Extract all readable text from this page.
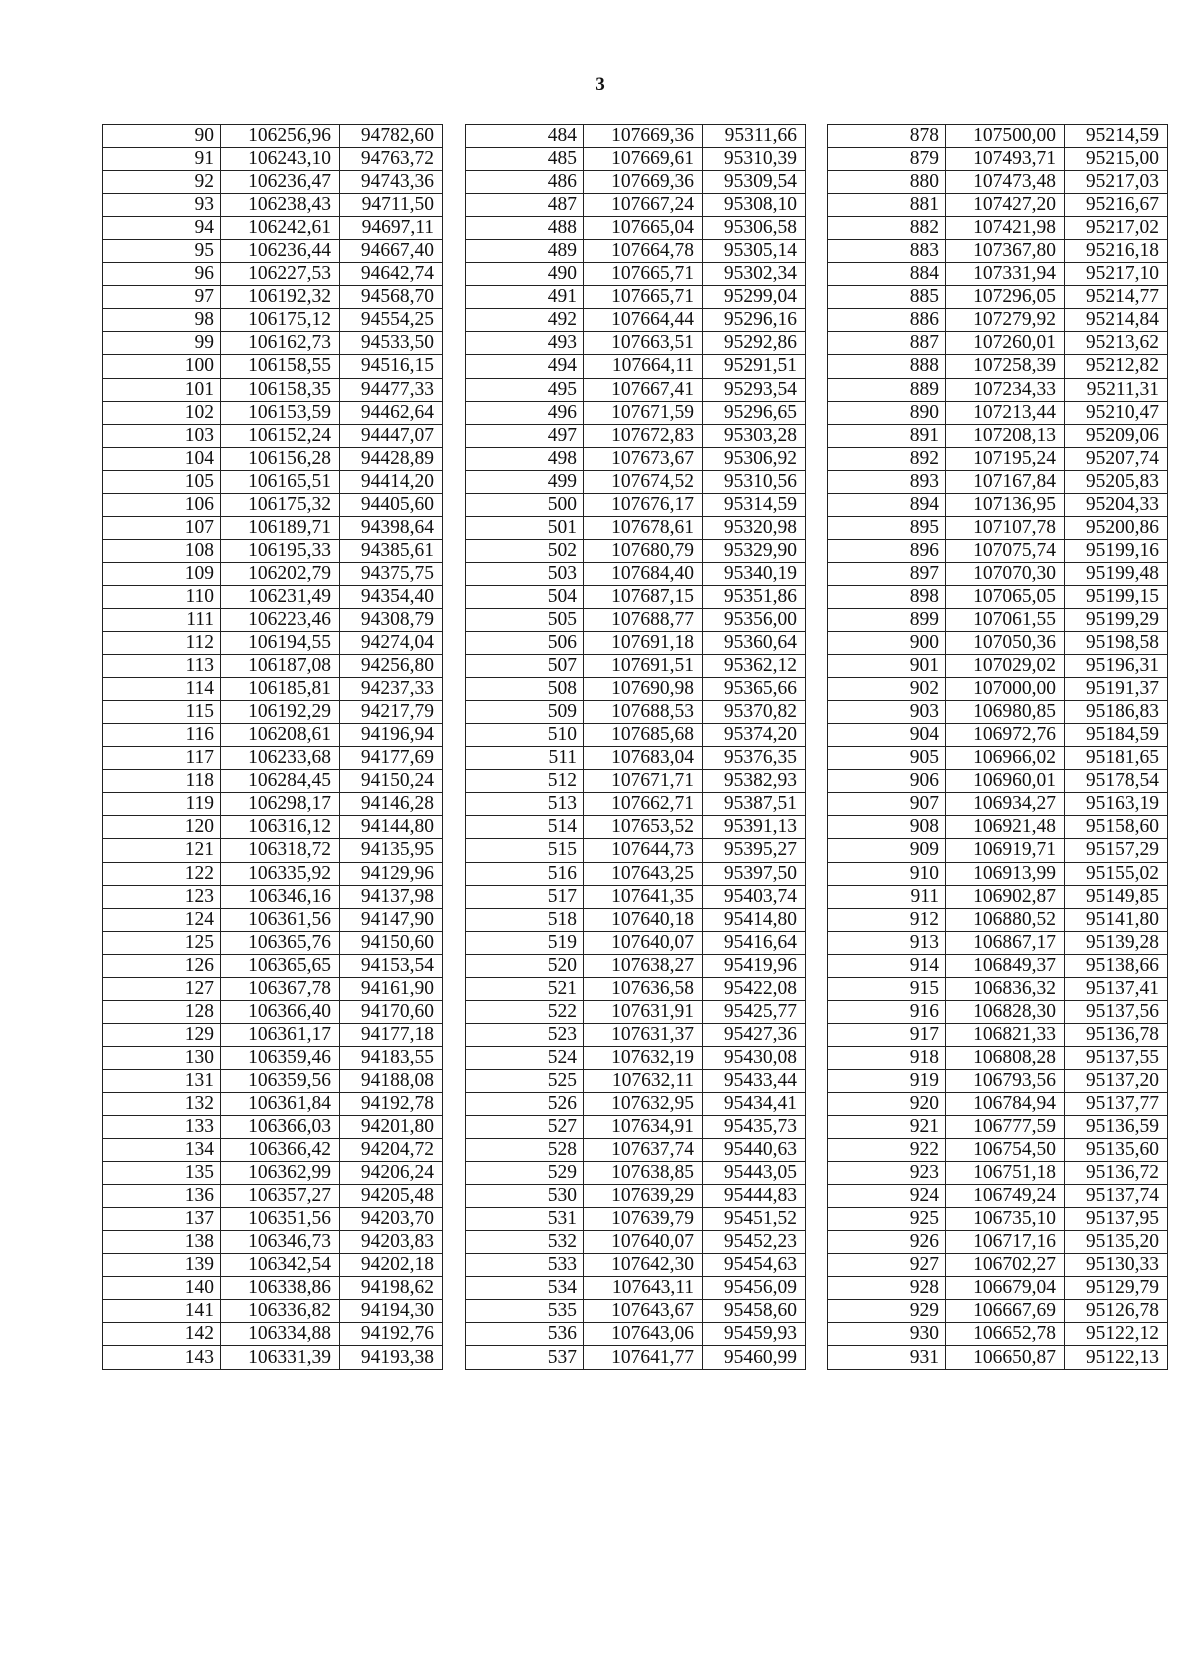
3
90	106256,96	94782,60
91	106243,10	94763,72
92	106236,47	94743,36
93	106238,43	94711,50
94	106242,61	94697,11
95	106236,44	94667,40
96	106227,53	94642,74
97	106192,32	94568,70
98	106175,12	94554,25
99	106162,73	94533,50
100	106158,55	94516,15
101	106158,35	94477,33
102	106153,59	94462,64
103	106152,24	94447,07
104	106156,28	94428,89
105	106165,51	94414,20
106	106175,32	94405,60
107	106189,71	94398,64
108	106195,33	94385,61
109	106202,79	94375,75
110	106231,49	94354,40
111	106223,46	94308,79
112	106194,55	94274,04
113	106187,08	94256,80
114	106185,81	94237,33
115	106192,29	94217,79
116	106208,61	94196,94
117	106233,68	94177,69
118	106284,45	94150,24
119	106298,17	94146,28
120	106316,12	94144,80
121	106318,72	94135,95
122	106335,92	94129,96
123	106346,16	94137,98
124	106361,56	94147,90
125	106365,76	94150,60
126	106365,65	94153,54
127	106367,78	94161,90
128	106366,40	94170,60
129	106361,17	94177,18
130	106359,46	94183,55
131	106359,56	94188,08
132	106361,84	94192,78
133	106366,03	94201,80
134	106366,42	94204,72
135	106362,99	94206,24
136	106357,27	94205,48
137	106351,56	94203,70
138	106346,73	94203,83
139	106342,54	94202,18
140	106338,86	94198,62
141	106336,82	94194,30
142	106334,88	94192,76
143	106331,39	94193,38
484	107669,36	95311,66
485	107669,61	95310,39
486	107669,36	95309,54
487	107667,24	95308,10
488	107665,04	95306,58
489	107664,78	95305,14
490	107665,71	95302,34
491	107665,71	95299,04
492	107664,44	95296,16
493	107663,51	95292,86
494	107664,11	95291,51
495	107667,41	95293,54
496	107671,59	95296,65
497	107672,83	95303,28
498	107673,67	95306,92
499	107674,52	95310,56
500	107676,17	95314,59
501	107678,61	95320,98
502	107680,79	95329,90
503	107684,40	95340,19
504	107687,15	95351,86
505	107688,77	95356,00
506	107691,18	95360,64
507	107691,51	95362,12
508	107690,98	95365,66
509	107688,53	95370,82
510	107685,68	95374,20
511	107683,04	95376,35
512	107671,71	95382,93
513	107662,71	95387,51
514	107653,52	95391,13
515	107644,73	95395,27
516	107643,25	95397,50
517	107641,35	95403,74
518	107640,18	95414,80
519	107640,07	95416,64
520	107638,27	95419,96
521	107636,58	95422,08
522	107631,91	95425,77
523	107631,37	95427,36
524	107632,19	95430,08
525	107632,11	95433,44
526	107632,95	95434,41
527	107634,91	95435,73
528	107637,74	95440,63
529	107638,85	95443,05
530	107639,29	95444,83
531	107639,79	95451,52
532	107640,07	95452,23
533	107642,30	95454,63
534	107643,11	95456,09
535	107643,67	95458,60
536	107643,06	95459,93
537	107641,77	95460,99
878	107500,00	95214,59
879	107493,71	95215,00
880	107473,48	95217,03
881	107427,20	95216,67
882	107421,98	95217,02
883	107367,80	95216,18
884	107331,94	95217,10
885	107296,05	95214,77
886	107279,92	95214,84
887	107260,01	95213,62
888	107258,39	95212,82
889	107234,33	95211,31
890	107213,44	95210,47
891	107208,13	95209,06
892	107195,24	95207,74
893	107167,84	95205,83
894	107136,95	95204,33
895	107107,78	95200,86
896	107075,74	95199,16
897	107070,30	95199,48
898	107065,05	95199,15
899	107061,55	95199,29
900	107050,36	95198,58
901	107029,02	95196,31
902	107000,00	95191,37
903	106980,85	95186,83
904	106972,76	95184,59
905	106966,02	95181,65
906	106960,01	95178,54
907	106934,27	95163,19
908	106921,48	95158,60
909	106919,71	95157,29
910	106913,99	95155,02
911	106902,87	95149,85
912	106880,52	95141,80
913	106867,17	95139,28
914	106849,37	95138,66
915	106836,32	95137,41
916	106828,30	95137,56
917	106821,33	95136,78
918	106808,28	95137,55
919	106793,56	95137,20
920	106784,94	95137,77
921	106777,59	95136,59
922	106754,50	95135,60
923	106751,18	95136,72
924	106749,24	95137,74
925	106735,10	95137,95
926	106717,16	95135,20
927	106702,27	95130,33
928	106679,04	95129,79
929	106667,69	95126,78
930	106652,78	95122,12
931	106650,87	95122,13
